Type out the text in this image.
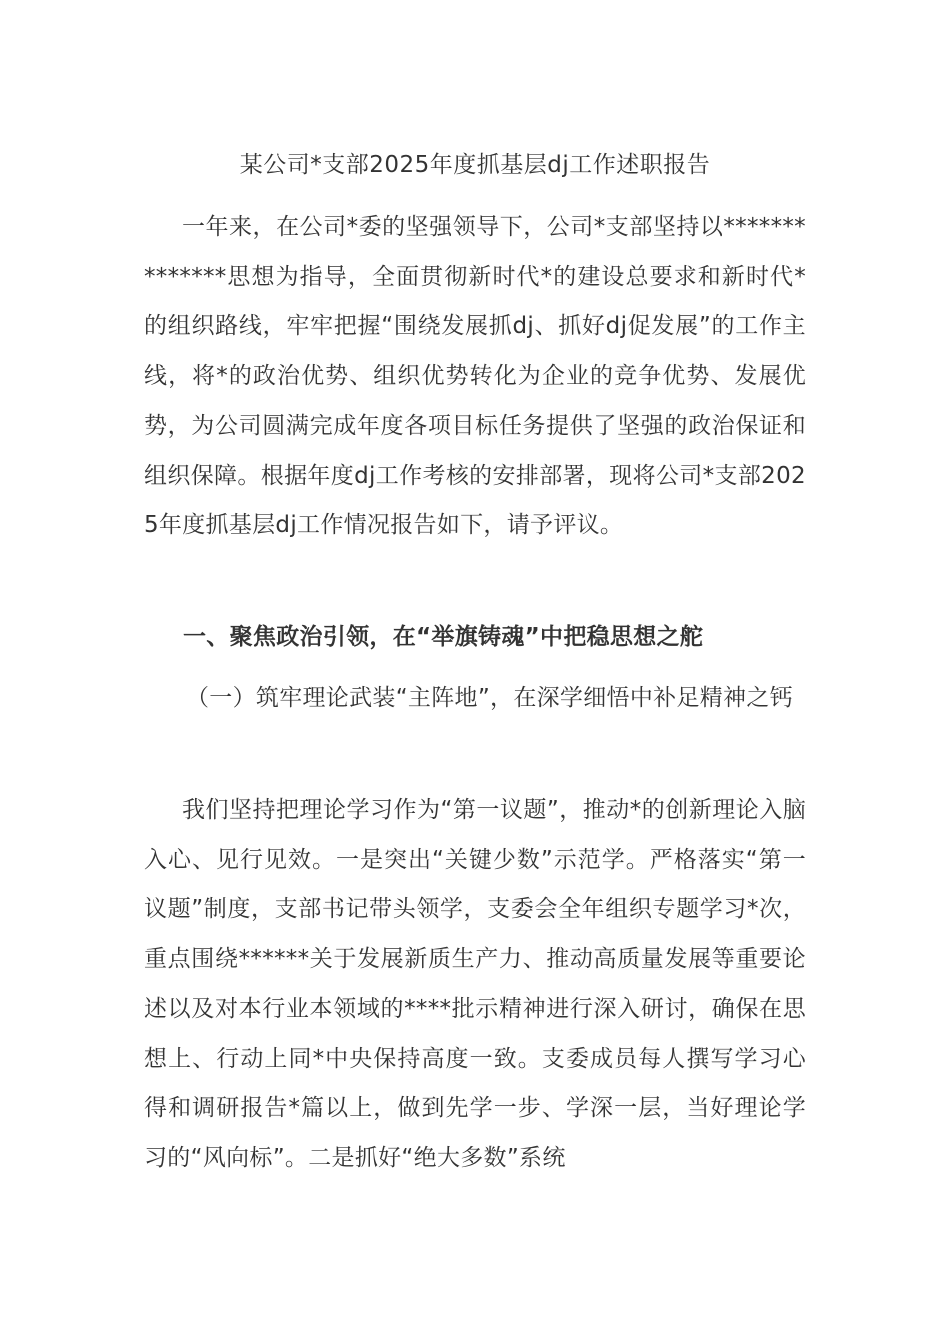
某公司*支部2025年度抓基层dj工作述职报告

一年来，在公司*委的坚强领导下，公司*支部坚持以**************思想为指导，全面贯彻新时代*的建设总要求和新时代*的组织路线，牢牢把握“围绕发展抓dj、抓好dj促发展”的工作主线，将*的政治优势、组织优势转化为企业的竞争优势、发展优势，为公司圆满完成年度各项目标任务提供了坚强的政治保证和组织保障。根据年度dj工作考核的安排部署，现将公司*支部2025年度抓基层dj工作情况报告如下，请予评议。

一、聚焦政治引领，在“举旗铸魂”中把稳思想之舵

（一）筑牢理论武装“主阵地”，在深学细悟中补足精神之钙

我们坚持把理论学习作为“第一议题”，推动*的创新理论入脑入心、见行见效。一是突出“关键少数”示范学。严格落实“第一议题”制度，支部书记带头领学，支委会全年组织专题学习*次，重点围绕******关于发展新质生产力、推动高质量发展等重要论述以及对本行业本领域的****批示精神进行深入研讨，确保在思想上、行动上同*中央保持高度一致。支委成员每人撰写学习心得和调研报告*篇以上，做到先学一步、学深一层，当好理论学习的“风向标”。二是抓好“绝大多数”系统
